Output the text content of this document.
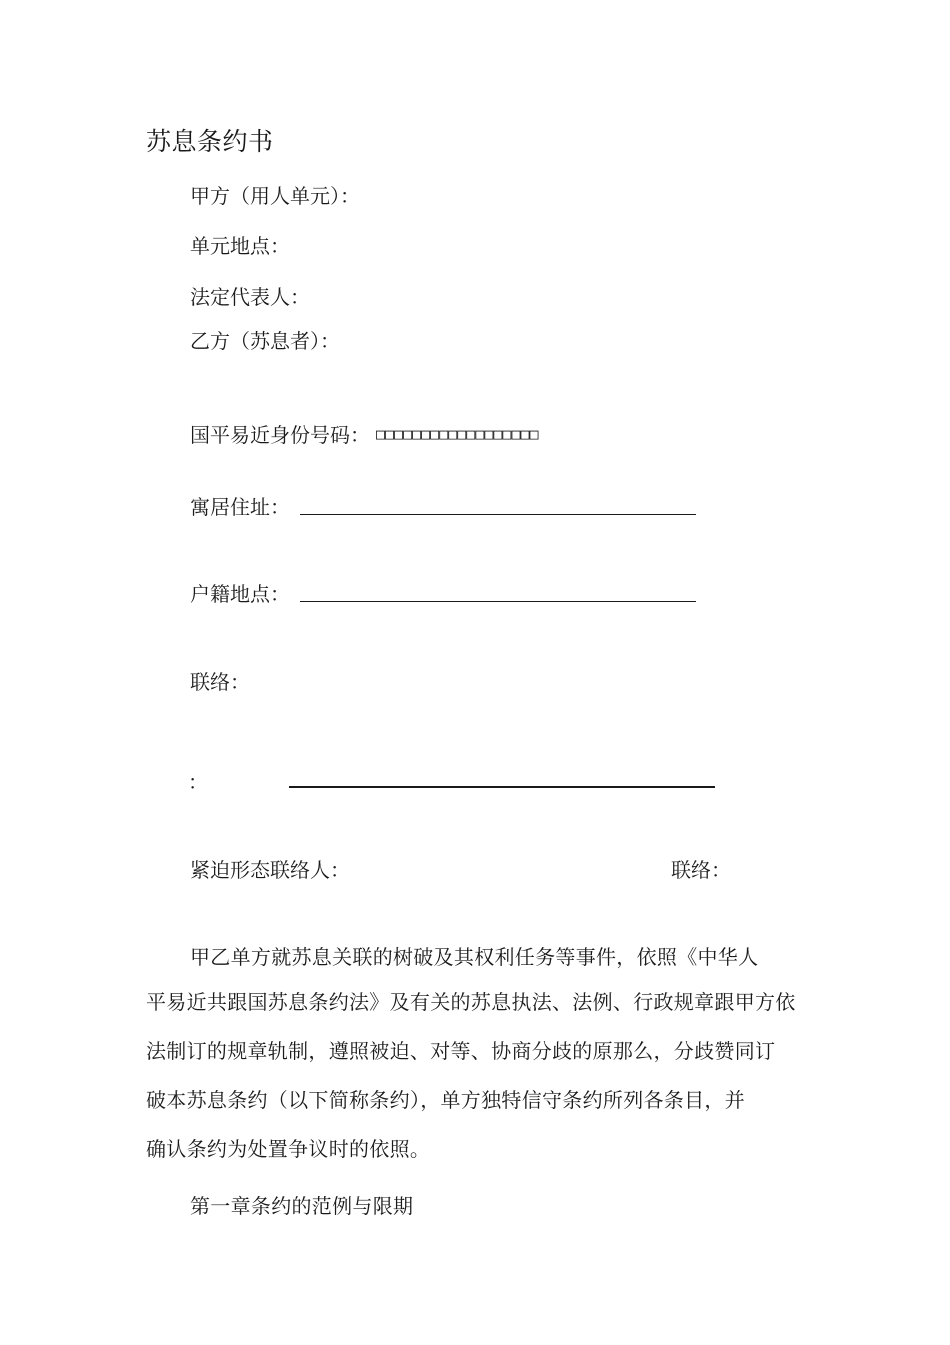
苏息条约书
甲方（用人单元）：
单元地点：
法定代表人：
乙方（苏息者）：
国平易近身份号码： □□□□□□□□□□□□□□□□□□
寓居住址：
户籍地点：
联络：
：
紧迫形态联络人：	联络：
甲乙单方就苏息关联的树破及其权利任务等事件，依照《中华人
平易近共跟国苏息条约法》及有关的苏息执法、法例、行政规章跟甲方依
法制订的规章轨制，遵照被迫、对等、协商分歧的原那么，分歧赞同订
破本苏息条约（以下简称条约），单方独特信守条约所列各条目，并
确认条约为处置争议时的依照。
第一章条约的范例与限期
